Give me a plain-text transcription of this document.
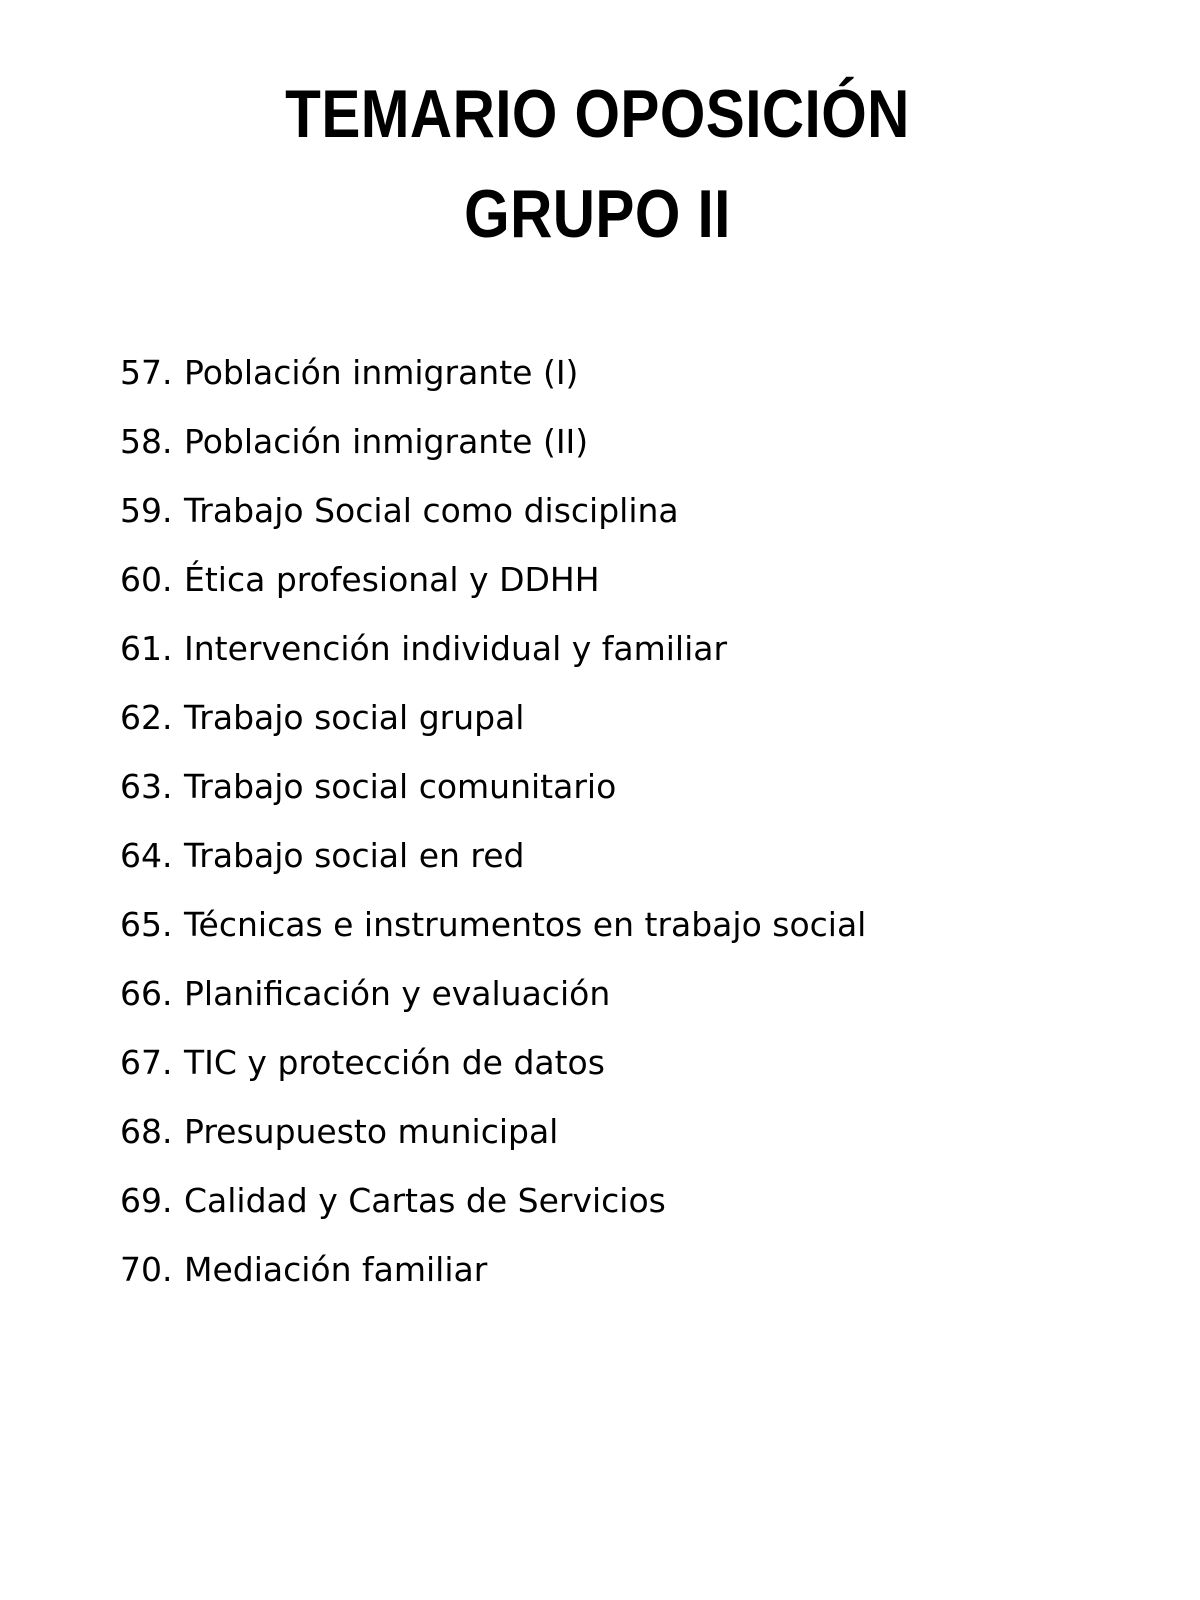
TEMARIO OPOSICIÓN
GRUPO II
57. Población inmigrante (I)
58. Población inmigrante (II)
59. Trabajo Social como disciplina
60. Ética profesional y DDHH
61. Intervención individual y familiar
62. Trabajo social grupal
63. Trabajo social comunitario
64. Trabajo social en red
65. Técnicas e instrumentos en trabajo social
66. Planificación y evaluación
67. TIC y protección de datos
68. Presupuesto municipal
69. Calidad y Cartas de Servicios
70. Mediación familiar
